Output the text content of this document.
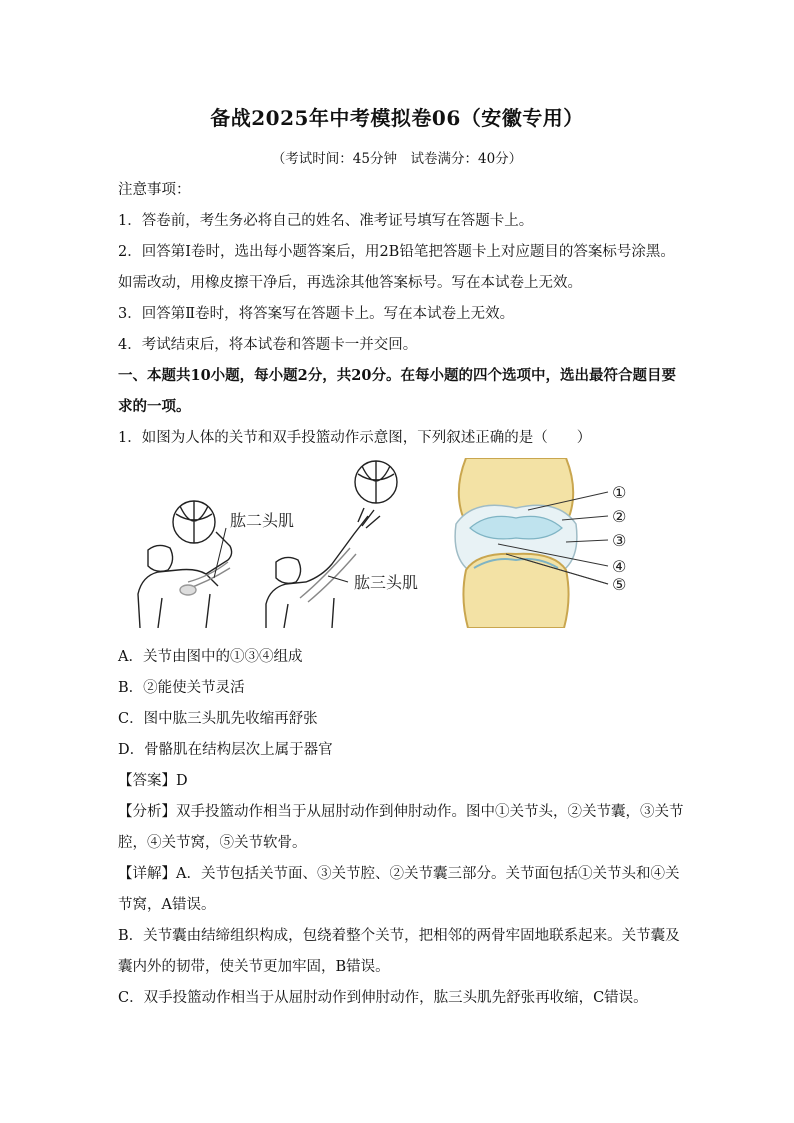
备战2025年中考模拟卷06（安徽专用）
（考试时间：45分钟　试卷满分：40分）
注意事项：
1．答卷前，考生务必将自己的姓名、准考证号填写在答题卡上。
2．回答第Ⅰ卷时，选出每小题答案后，用2B铅笔把答题卡上对应题目的答案标号涂黑。
如需改动，用橡皮擦干净后，再选涂其他答案标号。写在本试卷上无效。
3．回答第Ⅱ卷时，将答案写在答题卡上。写在本试卷上无效。
4．考试结束后，将本试卷和答题卡一并交回。
一、本题共10小题，每小题2分，共20分。在每小题的四个选项中，选出最符合题目要
求的一项。
1．如图为人体的关节和双手投篮动作示意图，下列叙述正确的是（　　）
肱二头肌
肱三头肌
①
②
③
④
⑤
A．关节由图中的①③④组成
B．②能使关节灵活
C．图中肱三头肌先收缩再舒张
D．骨骼肌在结构层次上属于器官
【答案】D
【分析】双手投篮动作相当于从屈肘动作到伸肘动作。图中①关节头，②关节囊，③关节
腔，④关节窝，⑤关节软骨。
【详解】A．关节包括关节面、③关节腔、②关节囊三部分。关节面包括①关节头和④关
节窝，A错误。
B．关节囊由结缔组织构成，包绕着整个关节，把相邻的两骨牢固地联系起来。关节囊及
囊内外的韧带，使关节更加牢固，B错误。
C．双手投篮动作相当于从屈肘动作到伸肘动作，肱三头肌先舒张再收缩，C错误。
